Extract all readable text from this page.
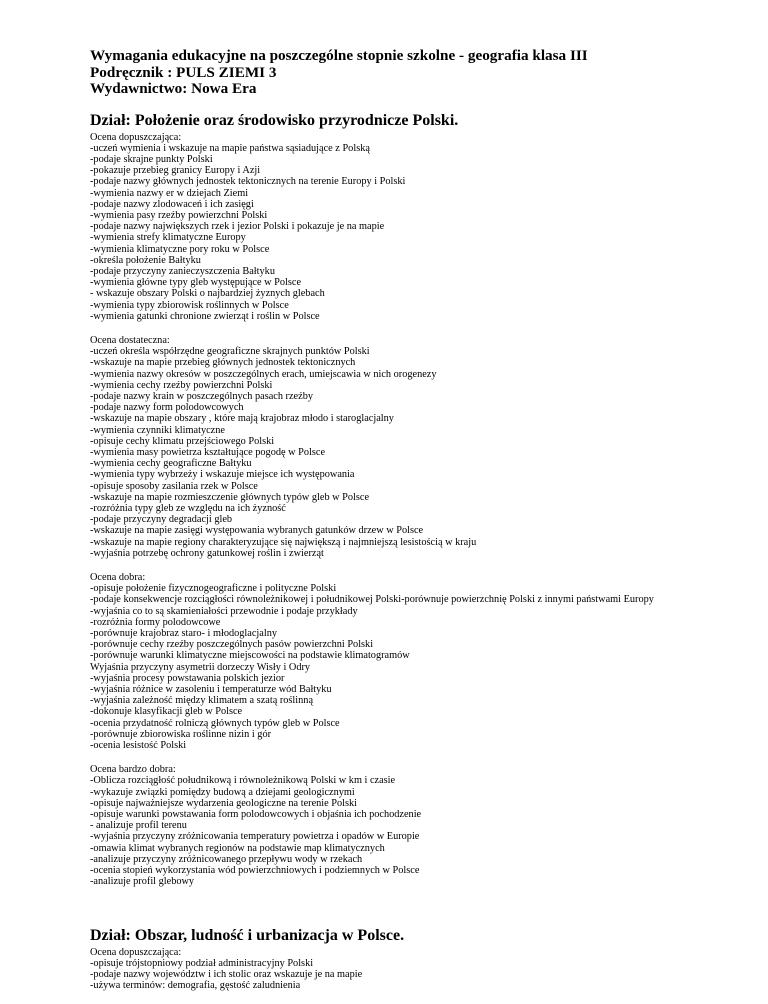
Wymagania edukacyjne na poszczególne stopnie szkolne - geografia klasa III
Podręcznik : PULS ZIEMI 3
Wydawnictwo: Nowa Era
Dział: Położenie oraz środowisko przyrodnicze Polski.
Ocena dopuszczająca:
-uczeń wymienia i wskazuje na mapie państwa sąsiadujące z Polską
-podaje skrajne punkty Polski
-pokazuje przebieg granicy Europy i Azji
-podaje nazwy głównych jednostek tektonicznych na terenie Europy i Polski
-wymienia nazwy er w dziejach Ziemi
-podaje nazwy zlodowaceń i ich zasięgi
-wymienia pasy rzeźby powierzchni Polski
-podaje nazwy największych rzek i jezior Polski i pokazuje je na mapie
-wymienia strefy klimatyczne Europy
-wymienia klimatyczne pory roku w Polsce
-określa położenie Bałtyku
-podaje przyczyny zanieczyszczenia Bałtyku
-wymienia główne typy gleb występujące w Polsce
- wskazuje obszary Polski o najbardziej żyznych glebach
-wymienia typy zbiorowisk roślinnych w Polsce
-wymienia gatunki chronione zwierząt i roślin w Polsce
Ocena dostateczna:
-uczeń określa współrzędne geograficzne skrajnych punktów Polski
-wskazuje na mapie przebieg głównych jednostek tektonicznych
-wymienia nazwy okresów w poszczególnych erach, umiejscawia w nich orogenezy
-wymienia cechy rzeźby powierzchni Polski
-podaje nazwy krain w poszczególnych pasach rzeźby
-podaje nazwy form polodowcowych
-wskazuje na mapie obszary , które mają krajobraz młodo i staroglacjalny
-wymienia czynniki klimatyczne
-opisuje cechy klimatu przejściowego Polski
-wymienia masy powietrza kształtujące pogodę w Polsce
-wymienia cechy geograficzne Bałtyku
-wymienia typy wybrzeży i wskazuje miejsce ich występowania
-opisuje sposoby zasilania rzek w Polsce
-wskazuje na mapie rozmieszczenie głównych typów gleb w Polsce
-rozróżnia typy gleb ze względu na ich żyzność
-podaje przyczyny degradacji gleb
-wskazuje na mapie zasięgi występowania wybranych gatunków drzew w Polsce
-wskazuje na mapie regiony charakteryzujące się największą i najmniejszą lesistością w kraju
-wyjaśnia potrzebę ochrony gatunkowej roślin i zwierząt
Ocena dobra:
-opisuje położenie fizycznogeograficzne i polityczne Polski
-podaje konsekwencje rozciągłości równoleżnikowej i południkowej Polski-porównuje powierzchnię Polski z innymi państwami Europy
-wyjaśnia co to są skamieniałości przewodnie i podaje przykłady
-rozróżnia formy polodowcowe
-porównuje krajobraz staro- i młodoglacjalny
-porównuje cechy rzeźby poszczególnych pasów powierzchni Polski
-porównuje warunki klimatyczne miejscowości na podstawie klimatogramów
Wyjaśnia przyczyny asymetrii dorzeczy Wisły i Odry
-wyjaśnia procesy powstawania polskich jezior
-wyjaśnia różnice w zasoleniu i temperaturze wód Bałtyku
-wyjaśnia zależność między klimatem a szatą roślinną
-dokonuje klasyfikacji gleb w Polsce
-ocenia przydatność rolniczą głównych typów gleb w Polsce
-porównuje zbiorowiska roślinne nizin i gór
-ocenia lesistość Polski
Ocena bardzo dobra:
-Oblicza rozciągłość południkową i równoleżnikową Polski w km i czasie
-wykazuje związki pomiędzy budową a dziejami geologicznymi
-opisuje najważniejsze wydarzenia geologiczne na terenie Polski
-opisuje warunki powstawania form polodowcowych i objaśnia ich pochodzenie
- analizuje profil terenu
-wyjaśnia przyczyny zróżnicowania temperatury powietrza i opadów w Europie
-omawia klimat wybranych regionów na podstawie map klimatycznych
-analizuje przyczyny zróżnicowanego przepływu wody w rzekach
-ocenia stopień wykorzystania wód powierzchniowych i podziemnych w Polsce
-analizuje profil glebowy
Dział: Obszar, ludność i urbanizacja w Polsce.
Ocena dopuszczająca:
-opisuje trójstopniowy podział administracyjny Polski
-podaje nazwy województw i ich stolic oraz wskazuje je na mapie
-używa terminów: demografia, gęstość zaludnienia
